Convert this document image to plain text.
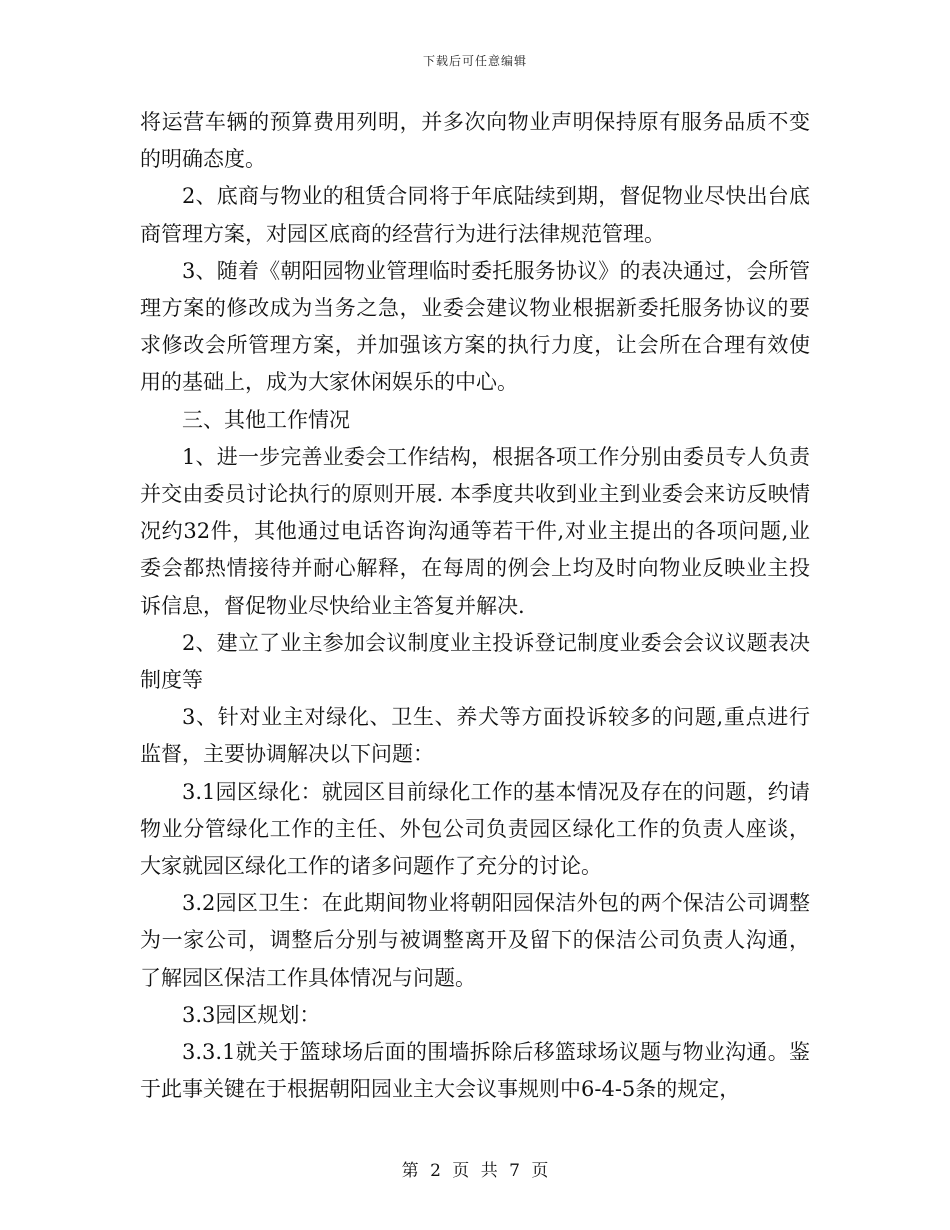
下载后可任意编辑

将运营车辆的预算费用列明，并多次向物业声明保持原有服务品质不变的明确态度。

2、底商与物业的租赁合同将于年底陆续到期，督促物业尽快出台底商管理方案，对园区底商的经营行为进行法律规范管理。

3、随着《朝阳园物业管理临时委托服务协议》的表决通过，会所管理方案的修改成为当务之急，业委会建议物业根据新委托服务协议的要求修改会所管理方案，并加强该方案的执行力度，让会所在合理有效使用的基础上，成为大家休闲娱乐的中心。

三、其他工作情况

1、进一步完善业委会工作结构，根据各项工作分别由委员专人负责并交由委员讨论执行的原则开展. 本季度共收到业主到业委会来访反映情况约32件，其他通过电话咨询沟通等若干件,对业主提出的各项问题,业委会都热情接待并耐心解释，在每周的例会上均及时向物业反映业主投诉信息，督促物业尽快给业主答复并解决.

2、建立了业主参加会议制度业主投诉登记制度业委会会议议题表决制度等

3、针对业主对绿化、卫生、养犬等方面投诉较多的问题,重点进行监督，主要协调解决以下问题：

3.1园区绿化：就园区目前绿化工作的基本情况及存在的问题，约请物业分管绿化工作的主任、外包公司负责园区绿化工作的负责人座谈，大家就园区绿化工作的诸多问题作了充分的讨论。

3.2园区卫生：在此期间物业将朝阳园保洁外包的两个保洁公司调整为一家公司，调整后分别与被调整离开及留下的保洁公司负责人沟通，了解园区保洁工作具体情况与问题。

3.3园区规划：

3.3.1就关于篮球场后面的围墙拆除后移篮球场议题与物业沟通。鉴于此事关键在于根据朝阳园业主大会议事规则中6-4-5条的规定，

第 2 页 共 7 页
